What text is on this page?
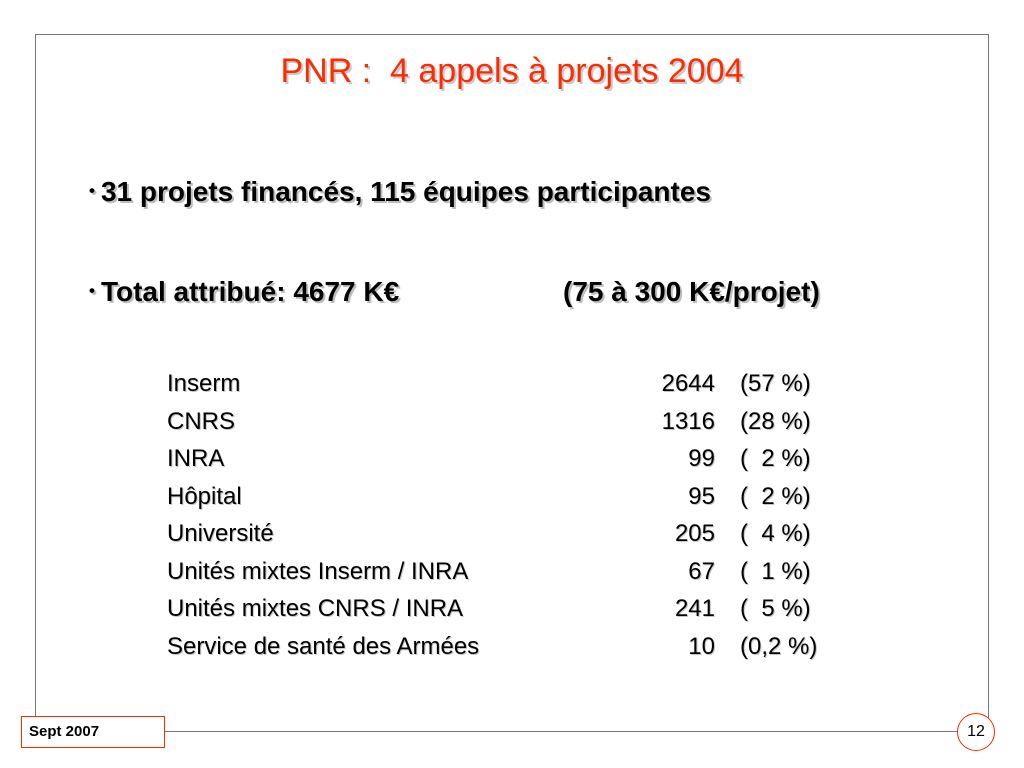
PNR :  4 appels à projets 2004
• 31 projets financés, 115 équipes participantes
• Total attribué: 4677 K€	(75 à 300 K€/projet)
Inserm	2644 (57 %)
CNRS	1316 (28 %)
INRA	99 (  2 %)
Hôpital	95 (  2 %)
Université	205 (  4 %)
Unités mixtes Inserm / INRA	67 (  1 %)
Unités mixtes CNRS / INRA	241 (  5 %)
Service de santé des Armées	10 (0,2 %)
Sept 2007	12
